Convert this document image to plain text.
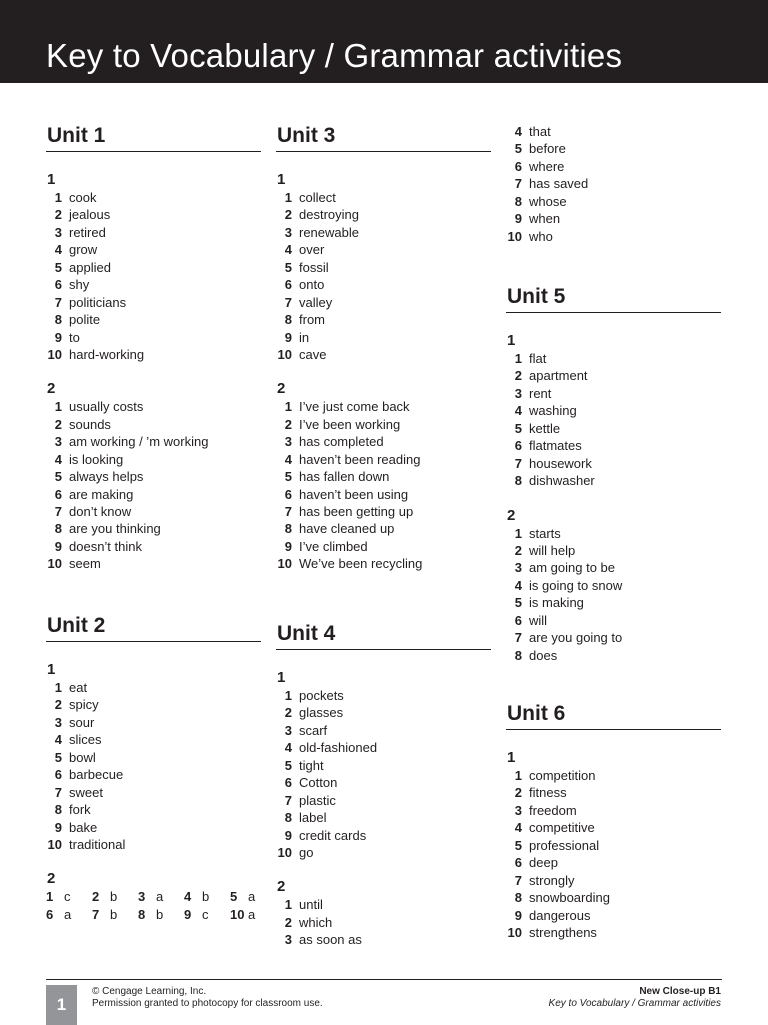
Key to Vocabulary / Grammar activities
Unit 1
1
1 cook
2 jealous
3 retired
4 grow
5 applied
6 shy
7 politicians
8 polite
9 to
10 hard-working
2
1 usually costs
2 sounds
3 am working / ’m working
4 is looking
5 always helps
6 are making
7 don’t know
8 are you thinking
9 doesn’t think
10 seem
Unit 2
1
1 eat
2 spicy
3 sour
4 slices
5 bowl
6 barbecue
7 sweet
8 fork
9 bake
10 traditional
2
1 c	2 b	3 a	4 b	5 a
6 a	7 b	8 b	9 c	10 a
Unit 3
1
1 collect
2 destroying
3 renewable
4 over
5 fossil
6 onto
7 valley
8 from
9 in
10 cave
2
1 I’ve just come back
2 I’ve been working
3 has completed
4 haven’t been reading
5 has fallen down
6 haven’t been using
7 has been getting up
8 have cleaned up
9 I’ve climbed
10 We’ve been recycling
Unit 4
1
1 pockets
2 glasses
3 scarf
4 old-fashioned
5 tight
6 Cotton
7 plastic
8 label
9 credit cards
10 go
2
1 until
2 which
3 as soon as
4 that
5 before
6 where
7 has saved
8 whose
9 when
10 who
Unit 5
1
1 flat
2 apartment
3 rent
4 washing
5 kettle
6 flatmates
7 housework
8 dishwasher
2
1 starts
2 will help
3 am going to be
4 is going to snow
5 is making
6 will
7 are you going to
8 does
Unit 6
1
1 competition
2 fitness
3 freedom
4 competitive
5 professional
6 deep
7 strongly
8 snowboarding
9 dangerous
10 strengthens
1
© Cengage Learning, Inc.
Permission granted to photocopy for classroom use.
New Close-up B1
Key to Vocabulary / Grammar activities
